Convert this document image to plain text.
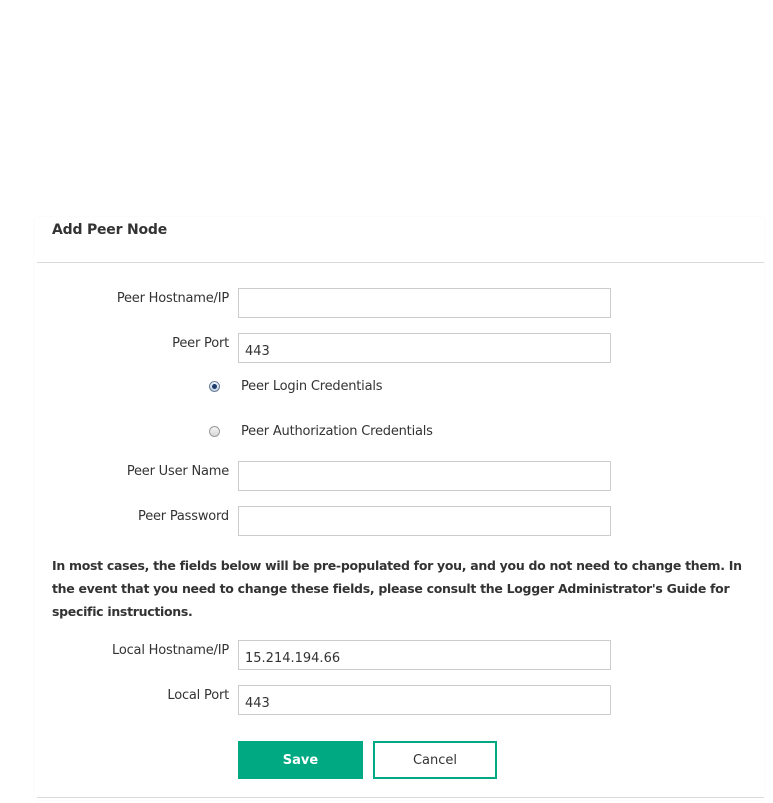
Add Peer Node
Peer Hostname/IP
Peer Port
443
Peer Login Credentials
Peer Authorization Credentials
Peer User Name
Peer Password
In most cases, the fields below will be pre-populated for you, and you do not need to change them. In the event that you need to change these fields, please consult the Logger Administrator's Guide for specific instructions.
Local Hostname/IP
15.214.194.66
Local Port
443
Save	Cancel
